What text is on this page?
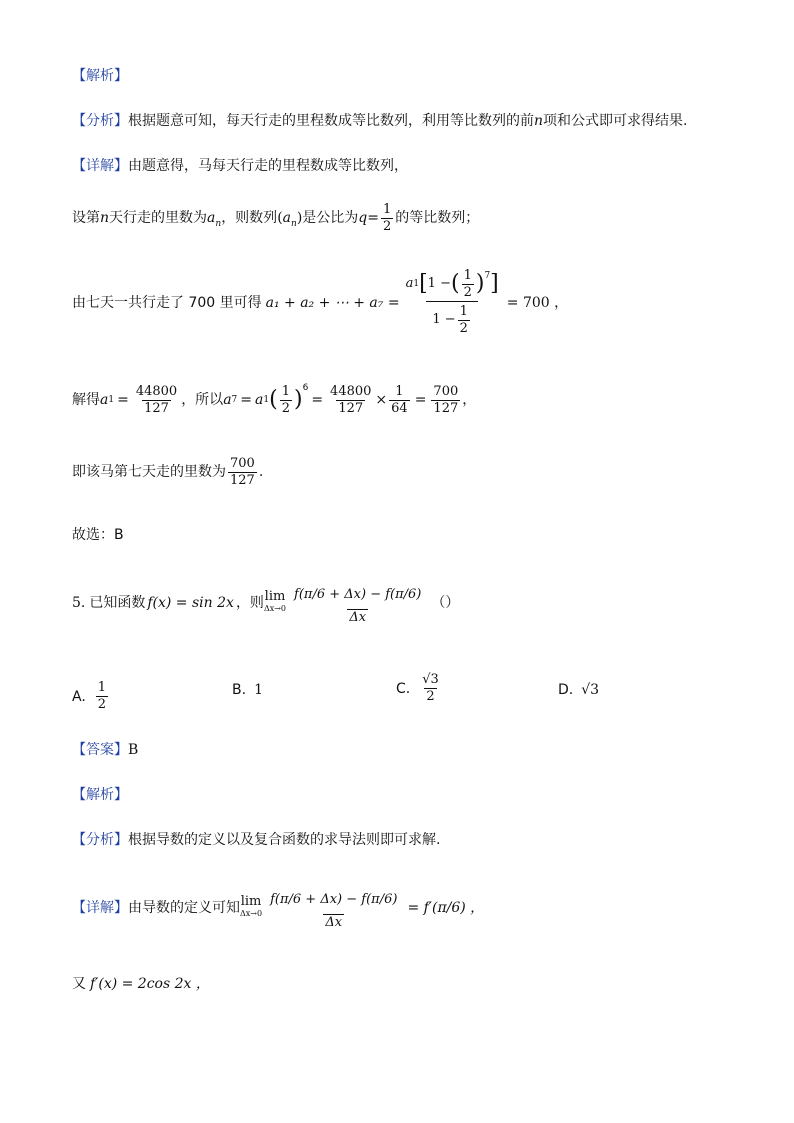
【解析】
【分析】根据题意可知，每天行走的里程数成等比数列，利用等比数列的前n项和公式即可求得结果.
【详解】由题意得，马每天行走的里程数成等比数列，
设第n天行走的里数为$a_n$，则数列$(a_n)$是公比为$q= \frac{1}{2}$ 的等比数列；
由七天一共行走了 700 里可得 a₁ + a₂ + ⋯ + $a_7 = \frac{a 1 [ 1 - ( \frac{1}{2} ) 7 ]}{1 - \frac{1}{2}} = 700$ ，
解得 a $1 = \frac{44800}{127}$ ，所以 a 7 = a 1 ( $\frac{1}{2}$ ) 6
= $\frac{44800}{127} \times \frac{1}{64} = \frac{700}{127}$ ，
即该马第七天走的里数为 $\frac{700}{127}$ .
故选：B
5. 已知函数 f(x) = sin 2x ，则 lim
$\Delta x\to 0 \frac{f(\pi/6 + \Delta x) - f(\pi/6)}{\Delta x}$ （）
A. $\frac{1}{2}$	B. 1	C. $\frac{√3}{2}$	D. √3
【答案】B
【解析】
【分析】根据导数的定义以及复合函数的求导法则即可求解.
【详解】 由导数的定义可知 lim
$\Delta x\to 0 \frac{f(\pi/6 + \Delta x) - f(\pi/6)}{\Delta x} = f'(\pi/6)$ ，
又 f′(x) = 2cos 2x ，
